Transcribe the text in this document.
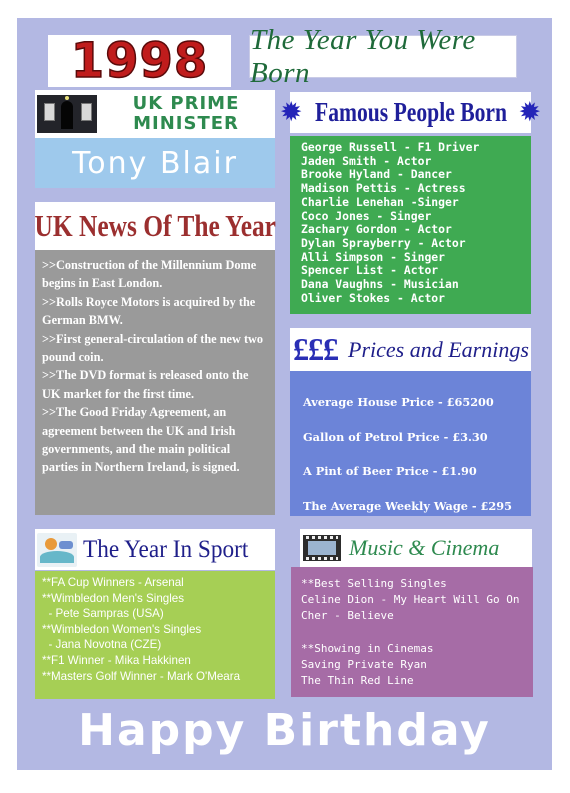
1998 The Year You Were Born
UK PRIME
MINISTER
Tony Blair
UK News Of The Year

>>Construction of the Millennium Dome begins in East London.

>>Rolls Royce Motors is acquired by the German BMW.

>>First general-circulation of the new two pound coin.

>>The DVD format is released onto the UK market for the first time.

>>The Good Friday Agreement, an agreement between the UK and Irish governments, and the main political parties in Northern Ireland, is signed.

✹ Famous People Born ✹
George Russell - F1 Driver
Jaden Smith - Actor
Brooke Hyland - Dancer
Madison Pettis - Actress
Charlie Lenehan -Singer
Coco Jones - Singer
Zachary Gordon - Actor
Dylan Sprayberry - Actor
Alli Simpson - Singer
Spencer List - Actor
Dana Vaughns - Musician
Oliver Stokes - Actor
£££ Prices and Earnings
Average House Price - £65200
Gallon of Petrol Price - £3.30
A Pint of Beer Price - £1.90
The Average Weekly Wage - £295
The Year In Sport
**FA Cup Winners - Arsenal
**Wimbledon Men's Singles
- Pete Sampras (USA)
**Wimbledon Women's Singles
- Jana Novotna (CZE)
**F1 Winner - Mika Hakkinen
**Masters Golf Winner - Mark O'Meara
Music & Cinema
**Best Selling Singles
Celine Dion - My Heart Will Go On
Cher - Believe
**Showing in Cinemas
Saving Private Ryan
The Thin Red Line
Happy Birthday
